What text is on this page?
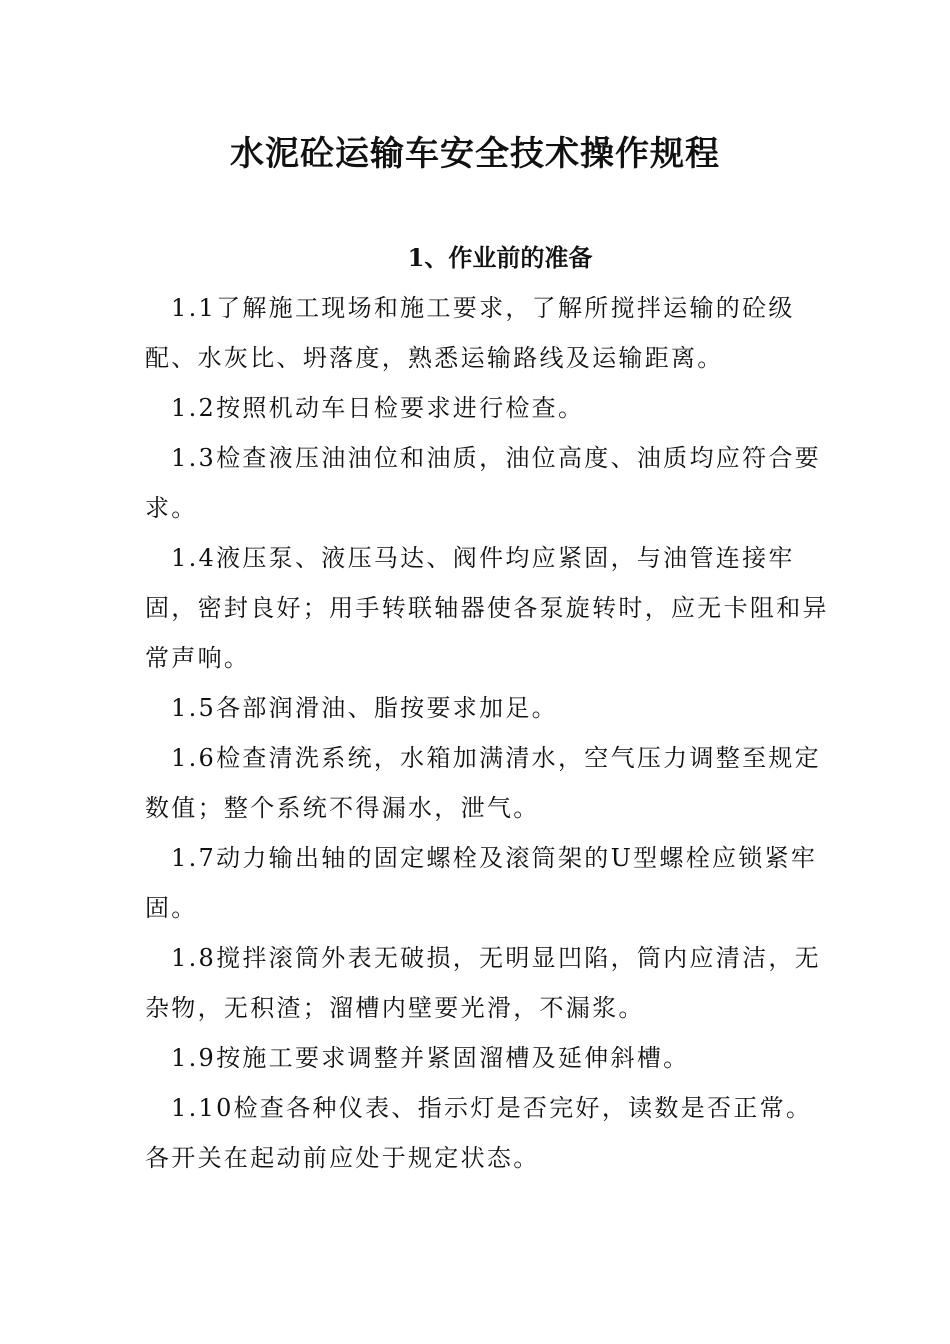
水泥砼运输车安全技术操作规程
1、作业前的准备

1.1了解施工现场和施工要求，了解所搅拌运输的砼级配、水灰比、坍落度，熟悉运输路线及运输距离。

1.2按照机动车日检要求进行检查。

1.3检查液压油油位和油质，油位高度、油质均应符合要求。

1.4液压泵、液压马达、阀件均应紧固，与油管连接牢固，密封良好；用手转联轴器使各泵旋转时，应无卡阻和异常声响。

1.5各部润滑油、脂按要求加足。

1.6检查清洗系统，水箱加满清水，空气压力调整至规定数值；整个系统不得漏水，泄气。

1.7动力输出轴的固定螺栓及滚筒架的U型螺栓应锁紧牢固。

1.8搅拌滚筒外表无破损，无明显凹陷，筒内应清洁，无杂物，无积渣；溜槽内壁要光滑，不漏浆。

1.9按施工要求调整并紧固溜槽及延伸斜槽。

1.10检查各种仪表、指示灯是否完好，读数是否正常。各开关在起动前应处于规定状态。
